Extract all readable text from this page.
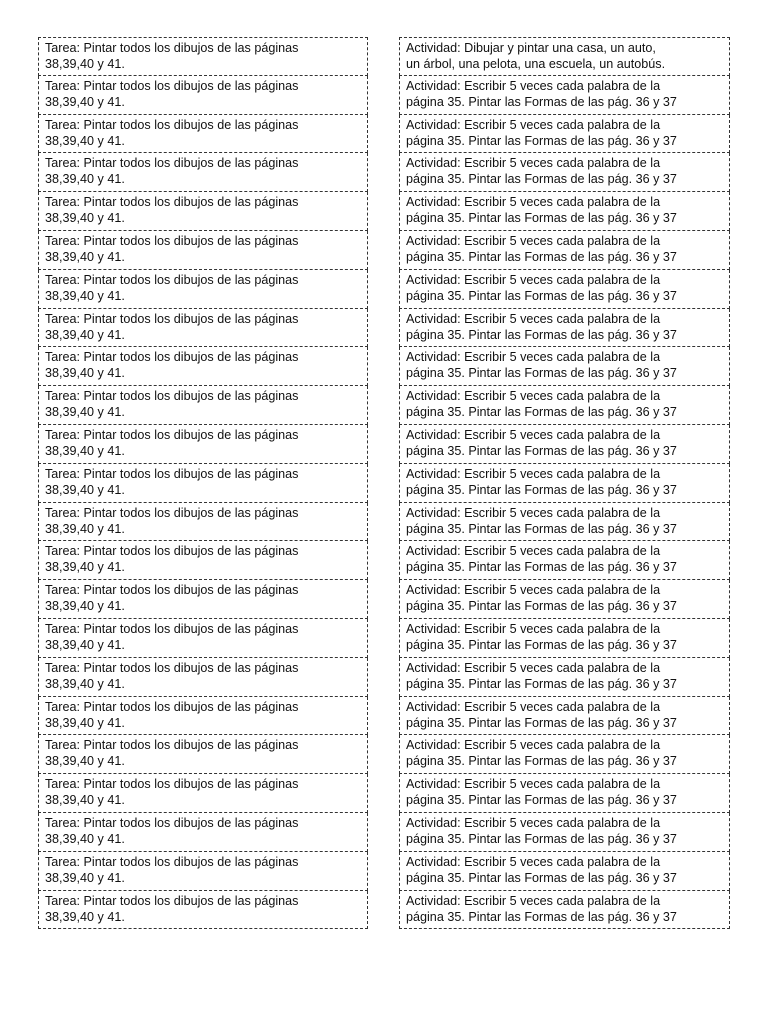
Tarea: Pintar todos los dibujos de las páginas
38,39,40 y 41.
Tarea: Pintar todos los dibujos de las páginas
38,39,40 y 41.
Tarea: Pintar todos los dibujos de las páginas
38,39,40 y 41.
Tarea: Pintar todos los dibujos de las páginas
38,39,40 y 41.
Tarea: Pintar todos los dibujos de las páginas
38,39,40 y 41.
Tarea: Pintar todos los dibujos de las páginas
38,39,40 y 41.
Tarea: Pintar todos los dibujos de las páginas
38,39,40 y 41.
Tarea: Pintar todos los dibujos de las páginas
38,39,40 y 41.
Tarea: Pintar todos los dibujos de las páginas
38,39,40 y 41.
Tarea: Pintar todos los dibujos de las páginas
38,39,40 y 41.
Tarea: Pintar todos los dibujos de las páginas
38,39,40 y 41.
Tarea: Pintar todos los dibujos de las páginas
38,39,40 y 41.
Tarea: Pintar todos los dibujos de las páginas
38,39,40 y 41.
Tarea: Pintar todos los dibujos de las páginas
38,39,40 y 41.
Tarea: Pintar todos los dibujos de las páginas
38,39,40 y 41.
Tarea: Pintar todos los dibujos de las páginas
38,39,40 y 41.
Tarea: Pintar todos los dibujos de las páginas
38,39,40 y 41.
Tarea: Pintar todos los dibujos de las páginas
38,39,40 y 41.
Tarea: Pintar todos los dibujos de las páginas
38,39,40 y 41.
Tarea: Pintar todos los dibujos de las páginas
38,39,40 y 41.
Tarea: Pintar todos los dibujos de las páginas
38,39,40 y 41.
Tarea: Pintar todos los dibujos de las páginas
38,39,40 y 41.
Tarea: Pintar todos los dibujos de las páginas
38,39,40 y 41.
Actividad: Dibujar y pintar una casa, un auto,
un árbol, una pelota, una escuela, un autobús.
Actividad: Escribir 5 veces cada palabra de la
página 35. Pintar las Formas de las pág. 36 y 37
Actividad: Escribir 5 veces cada palabra de la
página 35. Pintar las Formas de las pág. 36 y 37
Actividad: Escribir 5 veces cada palabra de la
página 35. Pintar las Formas de las pág. 36 y 37
Actividad: Escribir 5 veces cada palabra de la
página 35. Pintar las Formas de las pág. 36 y 37
Actividad: Escribir 5 veces cada palabra de la
página 35. Pintar las Formas de las pág. 36 y 37
Actividad: Escribir 5 veces cada palabra de la
página 35. Pintar las Formas de las pág. 36 y 37
Actividad: Escribir 5 veces cada palabra de la
página 35. Pintar las Formas de las pág. 36 y 37
Actividad: Escribir 5 veces cada palabra de la
página 35. Pintar las Formas de las pág. 36 y 37
Actividad: Escribir 5 veces cada palabra de la
página 35. Pintar las Formas de las pág. 36 y 37
Actividad: Escribir 5 veces cada palabra de la
página 35. Pintar las Formas de las pág. 36 y 37
Actividad: Escribir 5 veces cada palabra de la
página 35. Pintar las Formas de las pág. 36 y 37
Actividad: Escribir 5 veces cada palabra de la
página 35. Pintar las Formas de las pág. 36 y 37
Actividad: Escribir 5 veces cada palabra de la
página 35. Pintar las Formas de las pág. 36 y 37
Actividad: Escribir 5 veces cada palabra de la
página 35. Pintar las Formas de las pág. 36 y 37
Actividad: Escribir 5 veces cada palabra de la
página 35. Pintar las Formas de las pág. 36 y 37
Actividad: Escribir 5 veces cada palabra de la
página 35. Pintar las Formas de las pág. 36 y 37
Actividad: Escribir 5 veces cada palabra de la
página 35. Pintar las Formas de las pág. 36 y 37
Actividad: Escribir 5 veces cada palabra de la
página 35. Pintar las Formas de las pág. 36 y 37
Actividad: Escribir 5 veces cada palabra de la
página 35. Pintar las Formas de las pág. 36 y 37
Actividad: Escribir 5 veces cada palabra de la
página 35. Pintar las Formas de las pág. 36 y 37
Actividad: Escribir 5 veces cada palabra de la
página 35. Pintar las Formas de las pág. 36 y 37
Actividad: Escribir 5 veces cada palabra de la
página 35. Pintar las Formas de las pág. 36 y 37
